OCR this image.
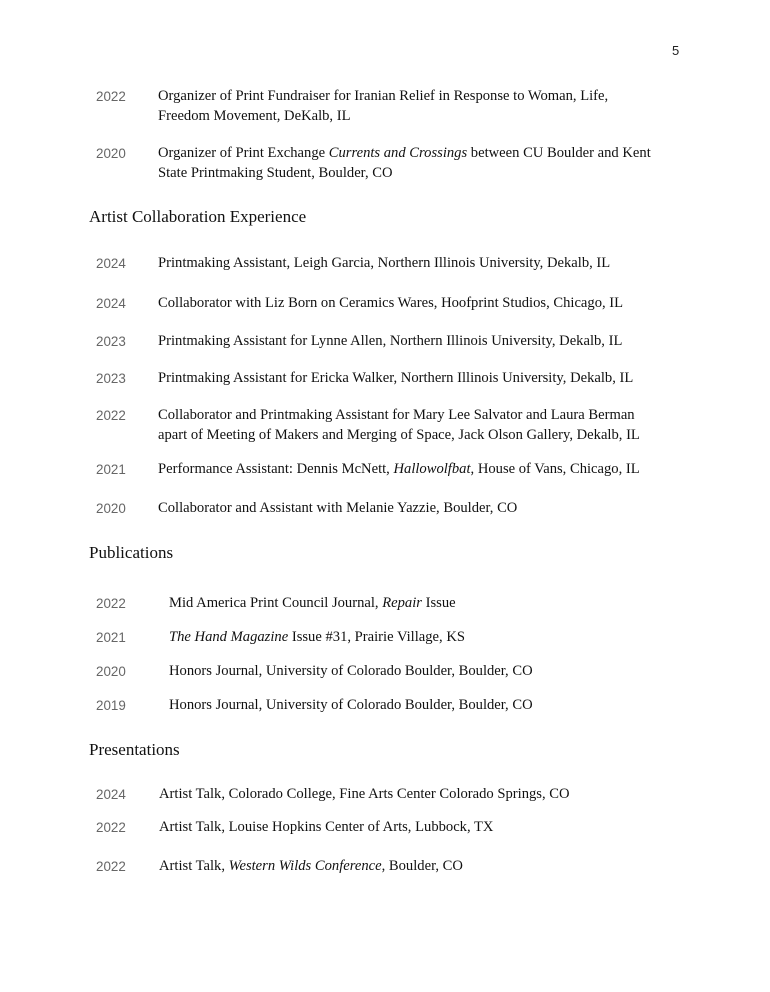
5
2022 Organizer of Print Fundraiser for Iranian Relief in Response to Woman, Life,
Freedom Movement, DeKalb, IL
2020 Organizer of Print Exchange Currents and Crossings between CU Boulder and Kent
State Printmaking Student, Boulder, CO
Artist Collaboration Experience
2024 Printmaking Assistant, Leigh Garcia, Northern Illinois University, Dekalb, IL
2024 Collaborator with Liz Born on Ceramics Wares, Hoofprint Studios, Chicago, IL
2023 Printmaking Assistant for Lynne Allen, Northern Illinois University, Dekalb, IL
2023 Printmaking Assistant for Ericka Walker, Northern Illinois University, Dekalb, IL
2022 Collaborator and Printmaking Assistant for Mary Lee Salvator and Laura Berman
apart of Meeting of Makers and Merging of Space, Jack Olson Gallery, Dekalb, IL
2021 Performance Assistant: Dennis McNett, Hallowolfbat, House of Vans, Chicago, IL
2020 Collaborator and Assistant with Melanie Yazzie, Boulder, CO
Publications
2022	Mid America Print Council Journal, Repair Issue
2021	The Hand Magazine Issue #31, Prairie Village, KS
2020	Honors Journal, University of Colorado Boulder, Boulder, CO
2019	Honors Journal, University of Colorado Boulder, Boulder, CO
Presentations
2024 Artist Talk, Colorado College, Fine Arts Center Colorado Springs, CO
2022 Artist Talk, Louise Hopkins Center of Arts, Lubbock, TX
2022 Artist Talk, Western Wilds Conference, Boulder, CO
